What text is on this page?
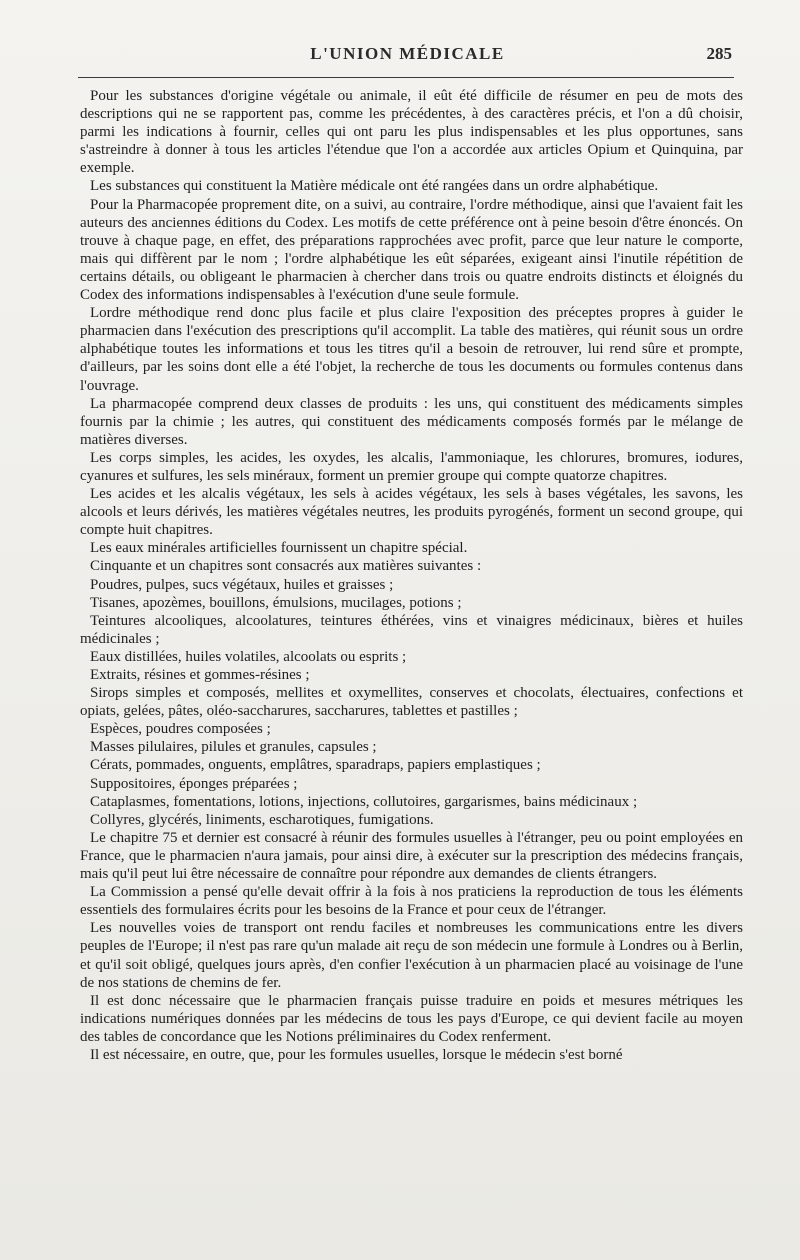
L'UNION MÉDICALE	285

Pour les substances d'origine végétale ou animale, il eût été difficile de résumer en peu de mots des descriptions qui ne se rapportent pas, comme les précédentes, à des caractères précis, et l'on a dû choisir, parmi les indications à fournir, celles qui ont paru les plus indispensables et les plus opportunes, sans s'astreindre à donner à tous les articles l'étendue que l'on a accordée aux articles Opium et Quinquina, par exemple.

Les substances qui constituent la Matière médicale ont été rangées dans un ordre alphabétique.

Pour la Pharmacopée proprement dite, on a suivi, au contraire, l'ordre méthodique, ainsi que l'avaient fait les auteurs des anciennes éditions du Codex. Les motifs de cette préférence ont à peine besoin d'être énoncés. On trouve à chaque page, en effet, des préparations rapprochées avec profit, parce que leur nature le comporte, mais qui diffèrent par le nom ; l'ordre alphabétique les eût séparées, exigeant ainsi l'inutile répétition de certains détails, ou obligeant le pharmacien à chercher dans trois ou quatre endroits distincts et éloignés du Codex des informations indispensables à l'exécution d'une seule formule.

Lordre méthodique rend donc plus facile et plus claire l'exposition des préceptes propres à guider le pharmacien dans l'exécution des prescriptions qu'il accomplit. La table des matières, qui réunit sous un ordre alphabétique toutes les informations et tous les titres qu'il a besoin de retrouver, lui rend sûre et prompte, d'ailleurs, par les soins dont elle a été l'objet, la recherche de tous les documents ou formules contenus dans l'ouvrage.

La pharmacopée comprend deux classes de produits : les uns, qui constituent des médicaments simples fournis par la chimie ; les autres, qui constituent des médicaments composés formés par le mélange de matières diverses.

Les corps simples, les acides, les oxydes, les alcalis, l'ammoniaque, les chlorures, bromures, iodures, cyanures et sulfures, les sels minéraux, forment un premier groupe qui compte quatorze chapitres.

Les acides et les alcalis végétaux, les sels à acides végétaux, les sels à bases végétales, les savons, les alcools et leurs dérivés, les matières végétales neutres, les produits pyrogénés, forment un second groupe, qui compte huit chapitres.

Les eaux minérales artificielles fournissent un chapitre spécial.

Cinquante et un chapitres sont consacrés aux matières suivantes :

Poudres, pulpes, sucs végétaux, huiles et graisses ;

Tisanes, apozèmes, bouillons, émulsions, mucilages, potions ;

Teintures alcooliques, alcoolatures, teintures éthérées, vins et vinaigres médicinaux, bières et huiles médicinales ;

Eaux distillées, huiles volatiles, alcoolats ou esprits ;

Extraits, résines et gommes-résines ;

Sirops simples et composés, mellites et oxymellites, conserves et chocolats, électuaires, confections et opiats, gelées, pâtes, oléo-saccharures, saccharures, tablettes et pastilles ;

Espèces, poudres composées ;

Masses pilulaires, pilules et granules, capsules ;

Cérats, pommades, onguents, emplâtres, sparadraps, papiers emplastiques ;

Suppositoires, éponges préparées ;

Cataplasmes, fomentations, lotions, injections, collutoires, gargarismes, bains médicinaux ;

Collyres, glycérés, liniments, escharotiques, fumigations.

Le chapitre 75 et dernier est consacré à réunir des formules usuelles à l'étranger, peu ou point employées en France, que le pharmacien n'aura jamais, pour ainsi dire, à exécuter sur la prescription des médecins français, mais qu'il peut lui être nécessaire de connaître pour répondre aux demandes de clients étrangers.

La Commission a pensé qu'elle devait offrir à la fois à nos praticiens la reproduction de tous les éléments essentiels des formulaires écrits pour les besoins de la France et pour ceux de l'étranger.

Les nouvelles voies de transport ont rendu faciles et nombreuses les communications entre les divers peuples de l'Europe; il n'est pas rare qu'un malade ait reçu de son médecin une formule à Londres ou à Berlin, et qu'il soit obligé, quelques jours après, d'en confier l'exécution à un pharmacien placé au voisinage de l'une de nos stations de chemins de fer.

Il est donc nécessaire que le pharmacien français puisse traduire en poids et mesures métriques les indications numériques données par les médecins de tous les pays d'Europe, ce qui devient facile au moyen des tables de concordance que les Notions préliminaires du Codex renferment.

Il est nécessaire, en outre, que, pour les formules usuelles, lorsque le médecin s'est borné
